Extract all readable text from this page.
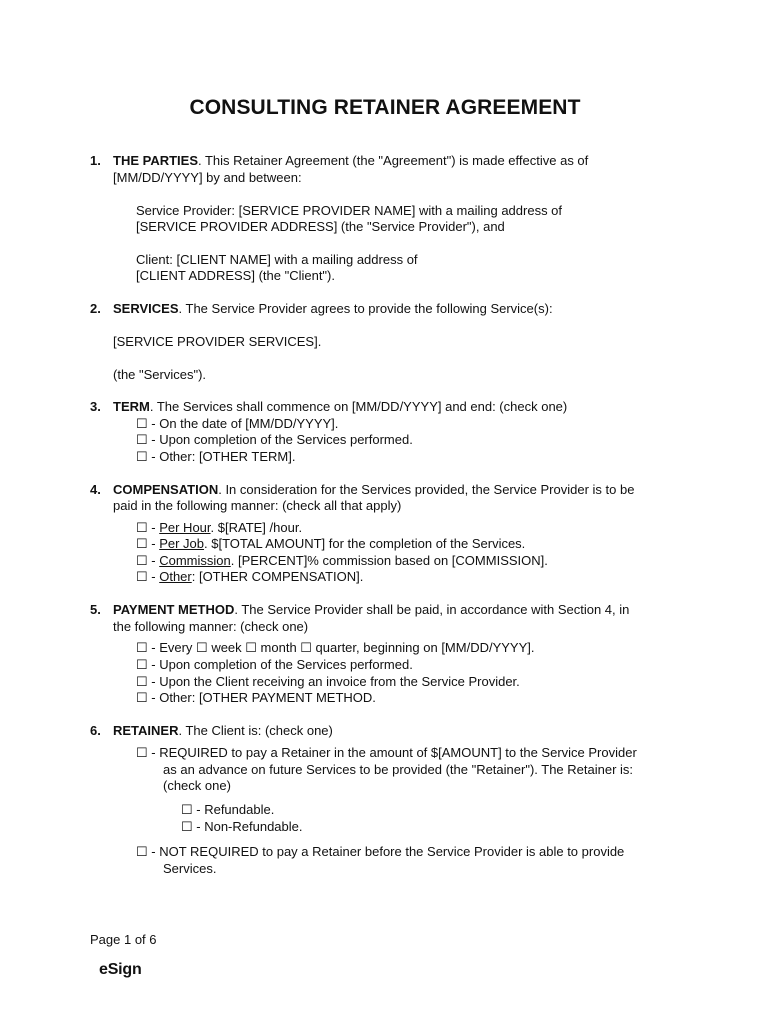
CONSULTING RETAINER AGREEMENT
1. THE PARTIES. This Retainer Agreement (the "Agreement") is made effective as of
[MM/DD/YYYY] by and between:
Service Provider: [SERVICE PROVIDER NAME] with a mailing address of
[SERVICE PROVIDER ADDRESS] (the "Service Provider"), and
Client: [CLIENT NAME] with a mailing address of
[CLIENT ADDRESS] (the "Client").
2. SERVICES. The Service Provider agrees to provide the following Service(s):
[SERVICE PROVIDER SERVICES].
(the "Services").
3. TERM. The Services shall commence on [MM/DD/YYYY] and end: (check one)
☐ - On the date of [MM/DD/YYYY].
☐ - Upon completion of the Services performed.
☐ - Other: [OTHER TERM].
4. COMPENSATION. In consideration for the Services provided, the Service Provider is to be
paid in the following manner: (check all that apply)
☐ - Per Hour. $[RATE] /hour.
☐ - Per Job. $[TOTAL AMOUNT] for the completion of the Services.
☐ - Commission. [PERCENT]% commission based on [COMMISSION].
☐ - Other: [OTHER COMPENSATION].
5. PAYMENT METHOD. The Service Provider shall be paid, in accordance with Section 4, in
the following manner: (check one)
☐ - Every ☐ week ☐ month ☐ quarter, beginning on [MM/DD/YYYY].
☐ - Upon completion of the Services performed.
☐ - Upon the Client receiving an invoice from the Service Provider.
☐ - Other: [OTHER PAYMENT METHOD.
6. RETAINER. The Client is: (check one)
☐ - REQUIRED to pay a Retainer in the amount of $[AMOUNT] to the Service Provider
as an advance on future Services to be provided (the "Retainer"). The Retainer is:
(check one)
☐ - Refundable.
☐ - Non-Refundable.
☐ - NOT REQUIRED to pay a Retainer before the Service Provider is able to provide
Services.
Page 1 of 6
eSign
